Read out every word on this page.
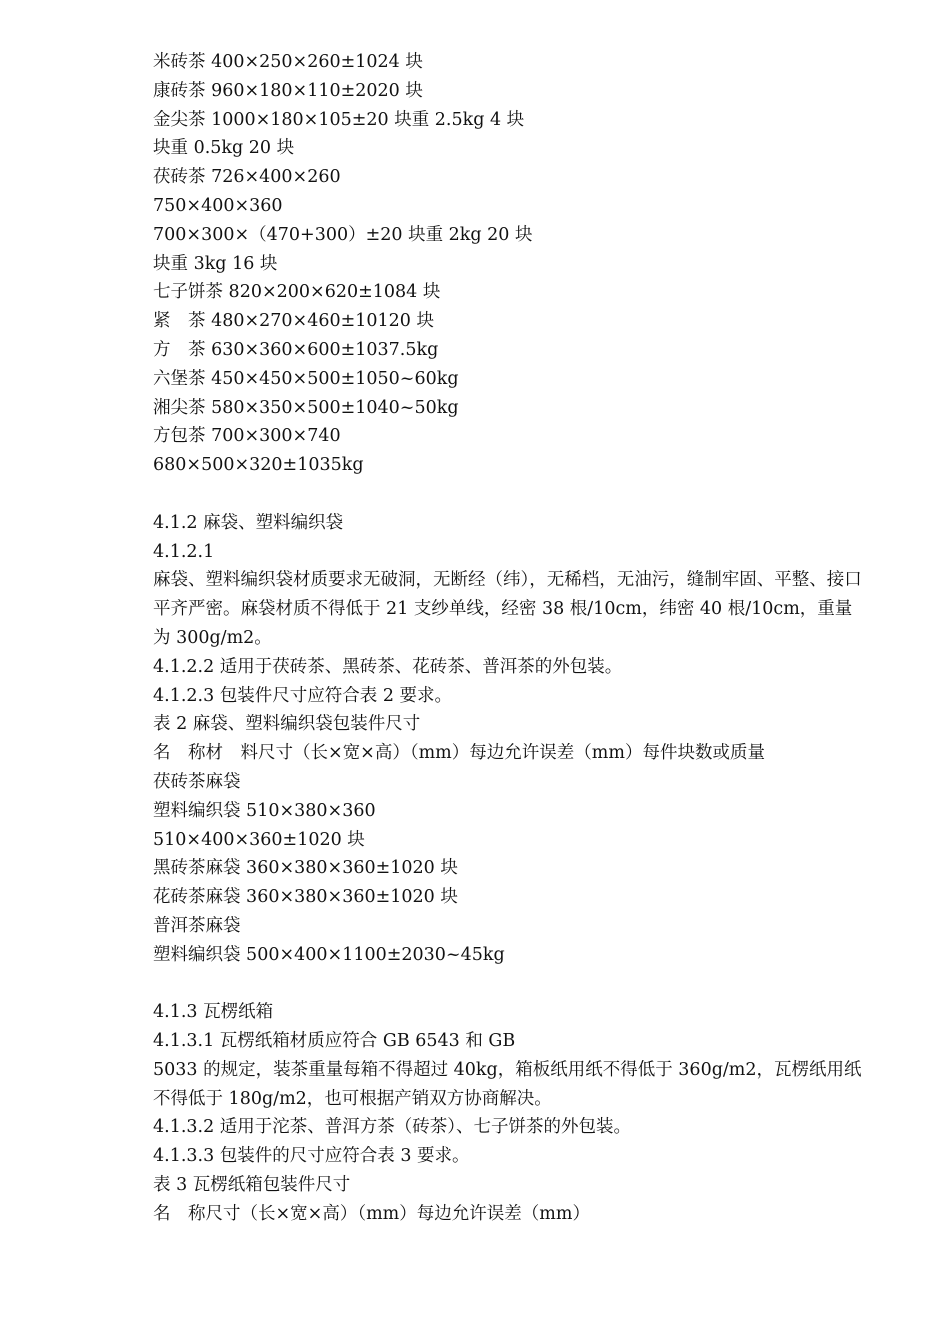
米砖茶 400×250×260±1024 块
康砖茶 960×180×110±2020 块
金尖茶 1000×180×105±20 块重 2.5kg 4 块
块重 0.5kg 20 块
茯砖茶 726×400×260
750×400×360
700×300×（470+300）±20 块重 2kg 20 块
块重 3kg 16 块
七子饼茶 820×200×620±1084 块
紧　茶 480×270×460±10120 块
方　茶 630×360×600±1037.5kg
六堡茶 450×450×500±1050~60kg
湘尖茶 580×350×500±1040~50kg
方包茶 700×300×740
680×500×320±1035kg
4.1.2 麻袋、塑料编织袋
4.1.2.1
麻袋、塑料编织袋材质要求无破洞，无断经（纬），无稀档，无油污，缝制牢固、平整、接口平齐严密。麻袋材质不得低于 21 支纱单线，经密 38 根/10cm，纬密 40 根/10cm，重量为 300g/m2。
4.1.2.2 适用于茯砖茶、黑砖茶、花砖茶、普洱茶的外包装。
4.1.2.3 包装件尺寸应符合表 2 要求。
表 2 麻袋、塑料编织袋包装件尺寸
名　称材　料尺寸（长×宽×高）（mm）每边允许误差（mm）每件块数或质量
茯砖茶麻袋
塑料编织袋 510×380×360
510×400×360±1020 块
黑砖茶麻袋 360×380×360±1020 块
花砖茶麻袋 360×380×360±1020 块
普洱茶麻袋
塑料编织袋 500×400×1100±2030~45kg
4.1.3 瓦楞纸箱
4.1.3.1 瓦楞纸箱材质应符合 GB 6543 和 GB
5033 的规定，装茶重量每箱不得超过 40kg，箱板纸用纸不得低于 360g/m2，瓦楞纸用纸不得低于 180g/m2，也可根据产销双方协商解决。
4.1.3.2 适用于沱茶、普洱方茶（砖茶）、七子饼茶的外包装。
4.1.3.3 包装件的尺寸应符合表 3 要求。
表 3 瓦楞纸箱包装件尺寸
名　称尺寸（长×宽×高）（mm）每边允许误差（mm）
